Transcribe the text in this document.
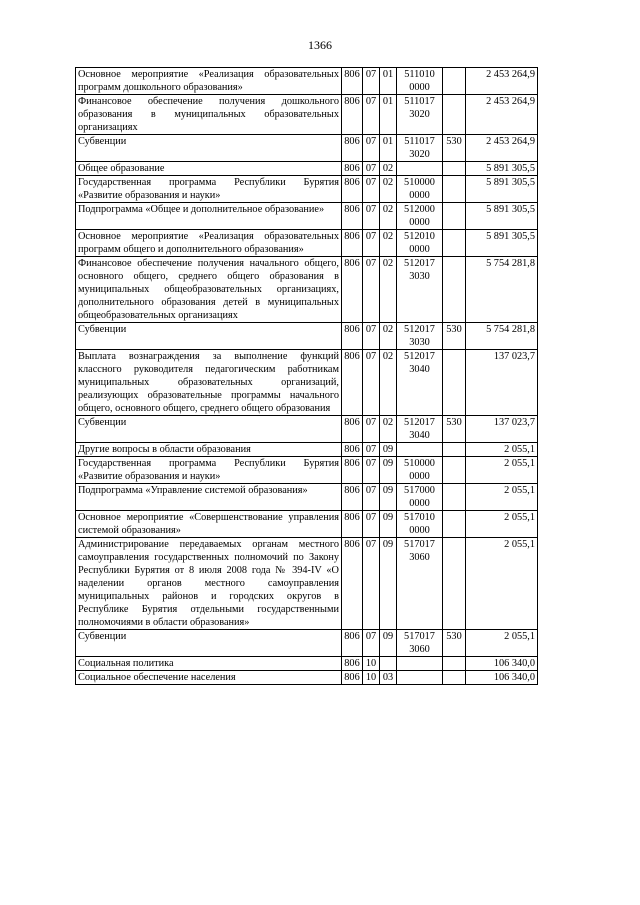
1366
Основное мероприятие «Реализация образовательных программ дошкольного образования»	806	07	01	511010 0000		2 453 264,9
Финансовое обеспечение получения дошкольного образования в муниципальных образовательных организациях	806	07	01	511017 3020		2 453 264,9
Субвенции	806	07	01	511017 3020	530	2 453 264,9
Общее образование	806	07	02			5 891 305,5
Государственная программа Республики Бурятия «Развитие образования и науки»	806	07	02	510000 0000		5 891 305,5
Подпрограмма «Общее и дополнительное образование»	806	07	02	512000 0000		5 891 305,5
Основное мероприятие «Реализация образовательных программ общего и дополнительного образования»	806	07	02	512010 0000		5 891 305,5
Финансовое обеспечение получения начального общего, основного общего, среднего общего образования в муниципальных общеобразовательных организациях, дополнительного образования детей в муниципальных общеобразовательных организациях	806	07	02	512017 3030		5 754 281,8
Субвенции	806	07	02	512017 3030	530	5 754 281,8
Выплата вознаграждения за выполнение функций классного руководителя педагогическим работникам муниципальных образовательных организаций, реализующих образовательные программы начального общего, основного общего, среднего общего образования	806	07	02	512017 3040		137 023,7
Субвенции	806	07	02	512017 3040	530	137 023,7
Другие вопросы в области образования	806	07	09			2 055,1
Государственная программа Республики Бурятия «Развитие образования и науки»	806	07	09	510000 0000		2 055,1
Подпрограмма «Управление системой образования»	806	07	09	517000 0000		2 055,1
Основное мероприятие «Совершенствование управления системой образования»	806	07	09	517010 0000		2 055,1
Администрирование передаваемых органам местного самоуправления государственных полномочий по Закону Республики Бурятия от 8 июля 2008 года № 394-IV «О наделении органов местного самоуправления муниципальных районов и городских округов в Республике Бурятия отдельными государственными полномочиями в области образования»	806	07	09	517017 3060		2 055,1
Субвенции	806	07	09	517017 3060	530	2 055,1
Социальная политика	806	10				106 340,0
Социальное обеспечение населения	806	10	03			106 340,0
